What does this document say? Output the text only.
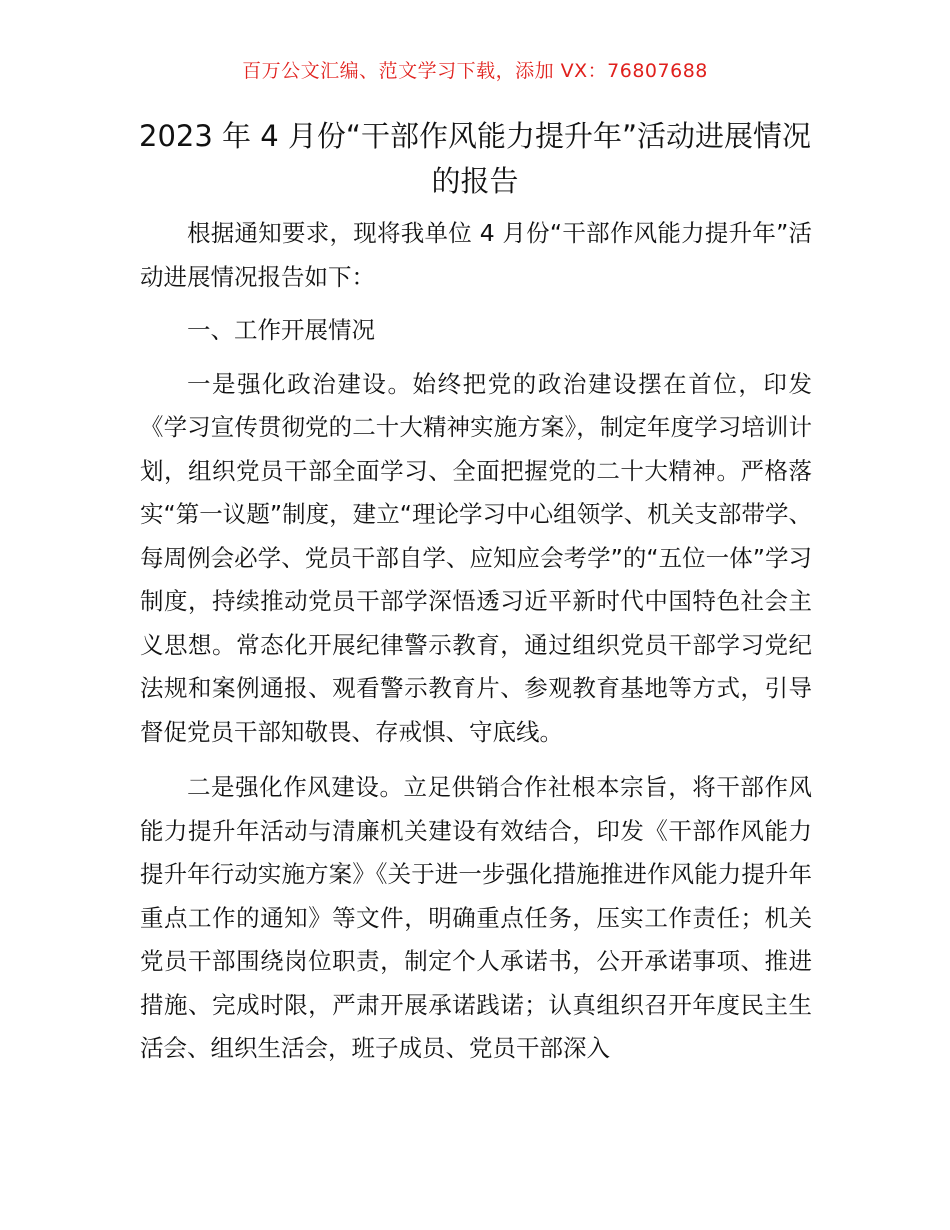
百万公文汇编、范文学习下载，添加 VX：76807688
2023 年 4 月份“干部作风能力提升年”活动进展情况的报告

根据通知要求，现将我单位 4 月份“干部作风能力提升年”活动进展情况报告如下：

一、工作开展情况

一是强化政治建设。始终把党的政治建设摆在首位，印发《学习宣传贯彻党的二十大精神实施方案》，制定年度学习培训计划，组织党员干部全面学习、全面把握党的二十大精神。严格落实“第一议题”制度，建立“理论学习中心组领学、机关支部带学、每周例会必学、党员干部自学、应知应会考学”的“五位一体”学习制度，持续推动党员干部学深悟透习近平新时代中国特色社会主义思想。常态化开展纪律警示教育，通过组织党员干部学习党纪法规和案例通报、观看警示教育片、参观教育基地等方式，引导督促党员干部知敬畏、存戒惧、守底线。

二是强化作风建设。立足供销合作社根本宗旨，将干部作风能力提升年活动与清廉机关建设有效结合，印发《干部作风能力提升年行动实施方案》《关于进一步强化措施推进作风能力提升年重点工作的通知》等文件，明确重点任务，压实工作责任；机关党员干部围绕岗位职责，制定个人承诺书，公开承诺事项、推进措施、完成时限，严肃开展承诺践诺；认真组织召开年度民主生活会、组织生活会，班子成员、党员干部深入
